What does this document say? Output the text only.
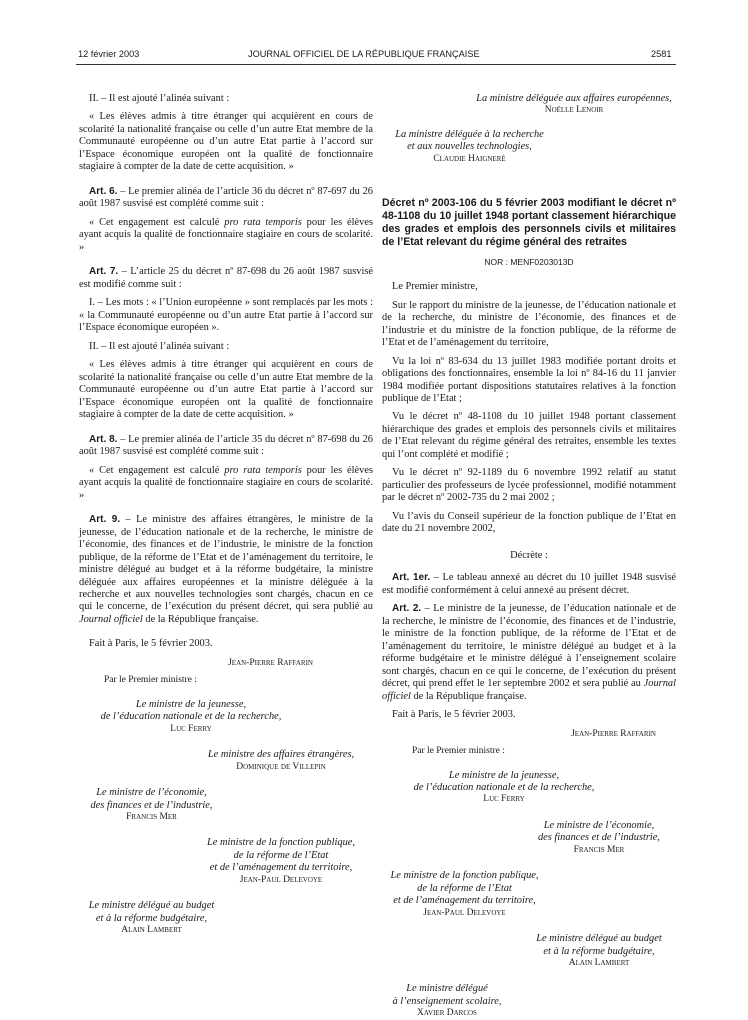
12 février 2003	JOURNAL OFFICIEL DE LA RÉPUBLIQUE FRANÇAISE	2581

II. – Il est ajouté l’alinéa suivant :

« Les élèves admis à titre étranger qui acquièrent en cours de scolarité la nationalité française ou celle d’un autre Etat membre de la Communauté européenne ou d’un autre Etat partie à l’accord sur l’Espace économique européen ont la qualité de fonctionnaire stagiaire à compter de la date de cette acquisition. »

Art. 6. – Le premier alinéa de l’article 36 du décret nº 87-697 du 26 août 1987 susvisé est complété comme suit :

« Cet engagement est calculé pro rata temporis pour les élèves ayant acquis la qualité de fonctionnaire stagiaire en cours de scolarité. »

Art. 7. – L’article 25 du décret nº 87-698 du 26 août 1987 susvisé est modifié comme suit :

I. – Les mots : « l’Union européenne » sont remplacés par les mots : « la Communauté européenne ou d’un autre Etat partie à l’accord sur l’Espace économique européen ».

II. – Il est ajouté l’alinéa suivant :

« Les élèves admis à titre étranger qui acquièrent en cours de scolarité la nationalité française ou celle d’un autre Etat membre de la Communauté européenne ou d’un autre Etat partie à l’accord sur l’Espace économique européen ont la qualité de fonctionnaire stagiaire à compter de la date de cette acquisition. »

Art. 8. – Le premier alinéa de l’article 35 du décret nº 87-698 du 26 août 1987 susvisé est complété comme suit :

« Cet engagement est calculé pro rata temporis pour les élèves ayant acquis la qualité de fonctionnaire stagiaire en cours de scolarité. »

Art. 9. – Le ministre des affaires étrangères, le ministre de la jeunesse, de l’éducation nationale et de la recherche, le ministre de l’économie, des finances et de l’industrie, le ministre de la fonction publique, de la réforme de l’Etat et de l’aménagement du territoire, le ministre délégué au budget et à la réforme budgétaire, la ministre déléguée aux affaires européennes et la ministre déléguée à la recherche et aux nouvelles technologies sont chargés, chacun en ce qui le concerne, de l’exécution du présent décret, qui sera publié au Journal officiel de la République française.

Fait à Paris, le 5 février 2003.

Jean-Pierre Raffarin
Par le Premier ministre :
Le ministre de la jeunesse,
de l’éducation nationale et de la recherche,
Luc Ferry
Le ministre des affaires étrangères,
Dominique de Villepin
Le ministre de l’économie,
des finances et de l’industrie,
Francis Mer
Le ministre de la fonction publique,
de la réforme de l’Etat
et de l’aménagement du territoire,
Jean-Paul Delevoye
Le ministre délégué au budget
et à la réforme budgétaire,
Alain Lambert
La ministre déléguée aux affaires européennes,
Noëlle Lenoir
La ministre déléguée à la recherche
et aux nouvelles technologies,
Claudie Haigneré
Décret nº 2003-106 du 5 février 2003 modifiant le décret nº 48-1108 du 10 juillet 1948 portant classement hiérarchique des grades et emplois des personnels civils et militaires de l’Etat relevant du régime général des retraites
NOR : MENF0203013D

Le Premier ministre,

Sur le rapport du ministre de la jeunesse, de l’éducation nationale et de la recherche, du ministre de l’économie, des finances et de l’industrie et du ministre de la fonction publique, de la réforme de l’Etat et de l’aménagement du territoire,

Vu la loi nº 83-634 du 13 juillet 1983 modifiée portant droits et obligations des fonctionnaires, ensemble la loi nº 84-16 du 11 janvier 1984 modifiée portant dispositions statutaires relatives à la fonction publique de l’Etat ;

Vu le décret nº 48-1108 du 10 juillet 1948 portant classement hiérarchique des grades et emplois des personnels civils et militaires de l’Etat relevant du régime général des retraites, ensemble les textes qui l’ont complété et modifié ;

Vu le décret nº 92-1189 du 6 novembre 1992 relatif au statut particulier des professeurs de lycée professionnel, modifié notamment par le décret nº 2002-735 du 2 mai 2002 ;

Vu l’avis du Conseil supérieur de la fonction publique de l’Etat en date du 21 novembre 2002,

Décrète :

Art. 1er. – Le tableau annexé au décret du 10 juillet 1948 susvisé est modifié conformément à celui annexé au présent décret.

Art. 2. – Le ministre de la jeunesse, de l’éducation nationale et de la recherche, le ministre de l’économie, des finances et de l’industrie, le ministre de la fonction publique, de la réforme de l’Etat et de l’aménagement du territoire, le ministre délégué au budget et à la réforme budgétaire et le ministre délégué à l’enseignement scolaire sont chargés, chacun en ce qui le concerne, de l’exécution du présent décret, qui prend effet le 1er septembre 2002 et sera publié au Journal officiel de la République française.

Fait à Paris, le 5 février 2003.

Jean-Pierre Raffarin
Par le Premier ministre :
Le ministre de la jeunesse,
de l’éducation nationale et de la recherche,
Luc Ferry
Le ministre de l’économie,
des finances et de l’industrie,
Francis Mer
Le ministre de la fonction publique,
de la réforme de l’Etat
et de l’aménagement du territoire,
Jean-Paul Delevoye
Le ministre délégué au budget
et à la réforme budgétaire,
Alain Lambert
Le ministre délégué
à l’enseignement scolaire,
Xavier Darcos
